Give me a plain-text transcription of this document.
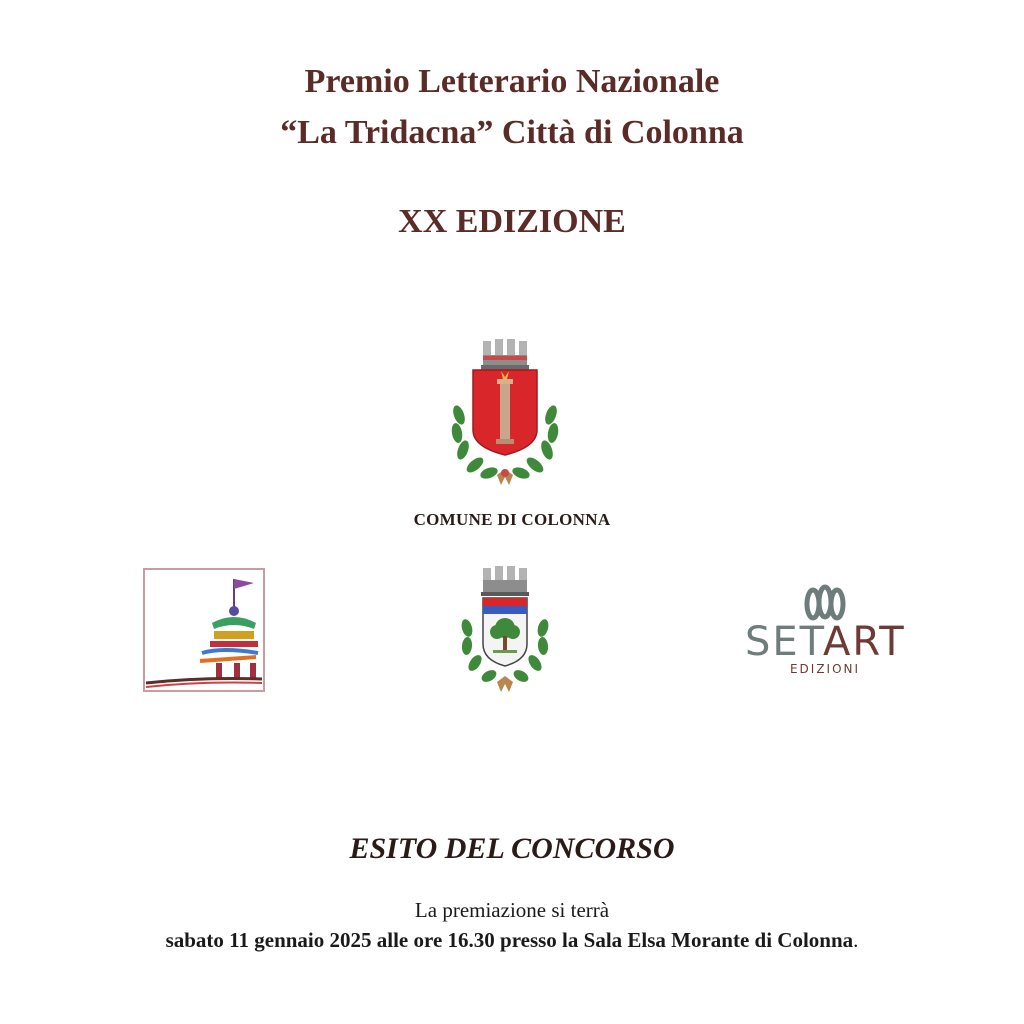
Premio Letterario Nazionale
“La Tridacna” Città di Colonna
XX EDIZIONE
COMUNE DI COLONNA
SETART
EDIZIONI
ESITO DEL CONCORSO
La premiazione si terrà
sabato 11 gennaio 2025 alle ore 16.30 presso la Sala Elsa Morante di Colonna.
